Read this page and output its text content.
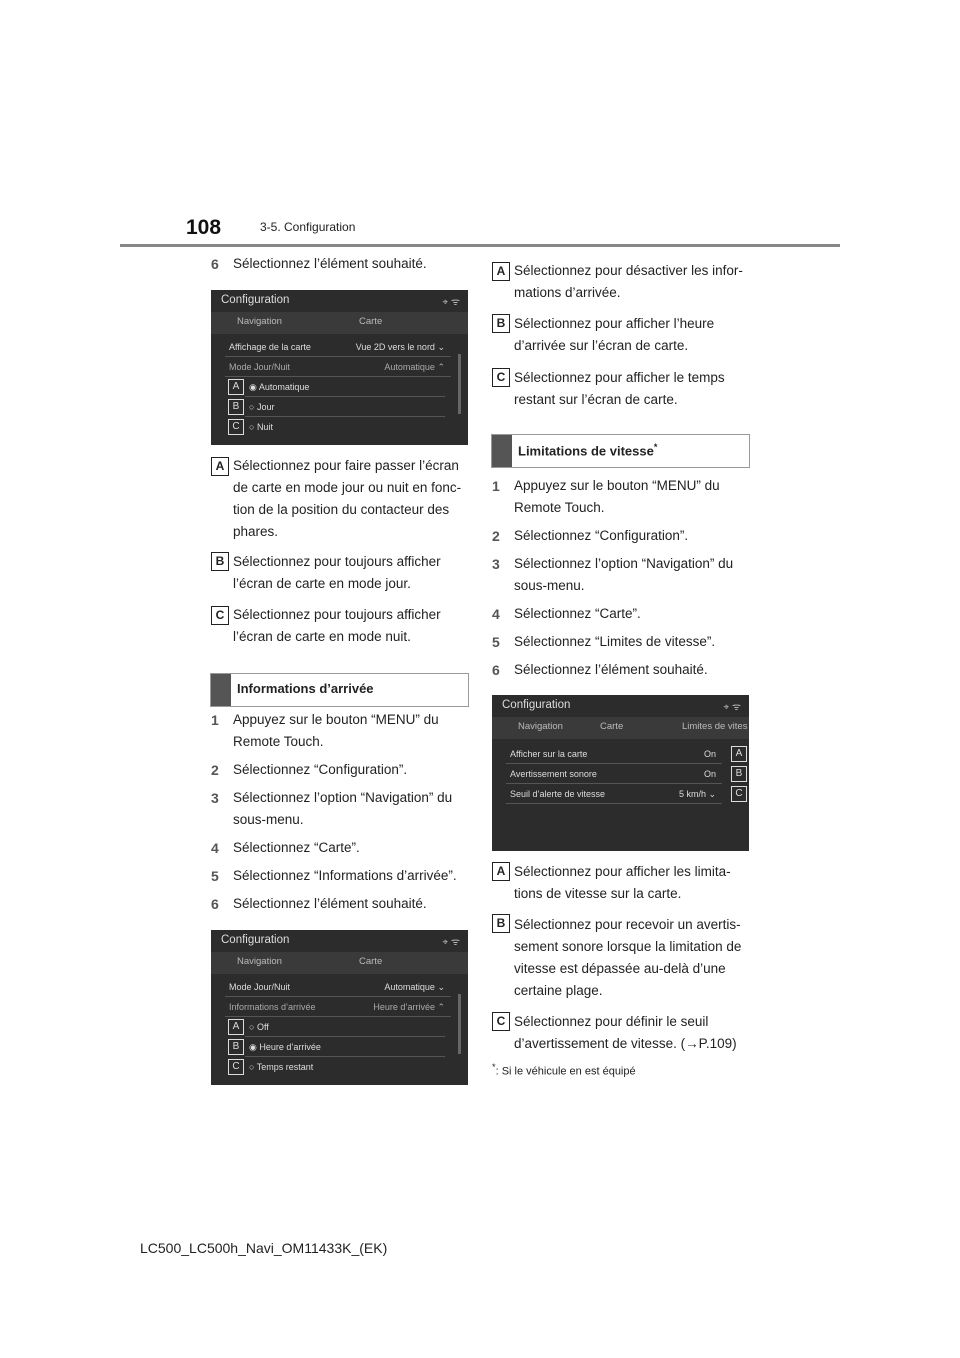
108	3-5. Configuration
6 Sélectionnez l’élément souhaité.
Configuration	⌖ ᯤ
Navigation	Carte
Affichage de la carte	Vue 2D vers le nord ⌄
Mode Jour/Nuit	Automatique ⌃
A	◉ Automatique
B	○ Jour
C	○ Nuit
A Sélectionnez pour faire passer l’écran
de carte en mode jour ou nuit en fonc-
tion de la position du contacteur des
phares.
B Sélectionnez pour toujours afficher
l’écran de carte en mode jour.
C Sélectionnez pour toujours afficher
l’écran de carte en mode nuit.
Informations d’arrivée
1 Appuyez sur le bouton “MENU” du
Remote Touch.
2 Sélectionnez “Configuration”.
3 Sélectionnez l’option “Navigation” du
sous-menu.
4 Sélectionnez “Carte”.
5 Sélectionnez “Informations d’arrivée”.
6 Sélectionnez l’élément souhaité.
Configuration	⌖ ᯤ
Navigation	Carte
Mode Jour/Nuit	Automatique ⌄
Informations d’arrivée	Heure d’arrivée ⌃
A	○ Off
B	◉ Heure d’arrivée
C	○ Temps restant
A Sélectionnez pour désactiver les infor-
mations d’arrivée.
B Sélectionnez pour afficher l’heure
d’arrivée sur l’écran de carte.
C Sélectionnez pour afficher le temps
restant sur l’écran de carte.
Limitations de vitesse*
1 Appuyez sur le bouton “MENU” du
Remote Touch.
2 Sélectionnez “Configuration”.
3 Sélectionnez l’option “Navigation” du
sous-menu.
4 Sélectionnez “Carte”.
5 Sélectionnez “Limites de vitesse”.
6 Sélectionnez l’élément souhaité.
Configuration	⌖ ᯤ
Navigation	Carte	Limites de vites
Afficher sur la carte	On	A
Avertissement sonore	On	B
Seuil d’alerte de vitesse	5 km/h ⌄	C
A Sélectionnez pour afficher les limita-
tions de vitesse sur la carte.
B Sélectionnez pour recevoir un avertis-
sement sonore lorsque la limitation de
vitesse est dépassée au-delà d’une
certaine plage.
C Sélectionnez pour définir le seuil
d’avertissement de vitesse. (→P.109)
*: Si le véhicule en est équipé
LC500_LC500h_Navi_OM11433K_(EK)
